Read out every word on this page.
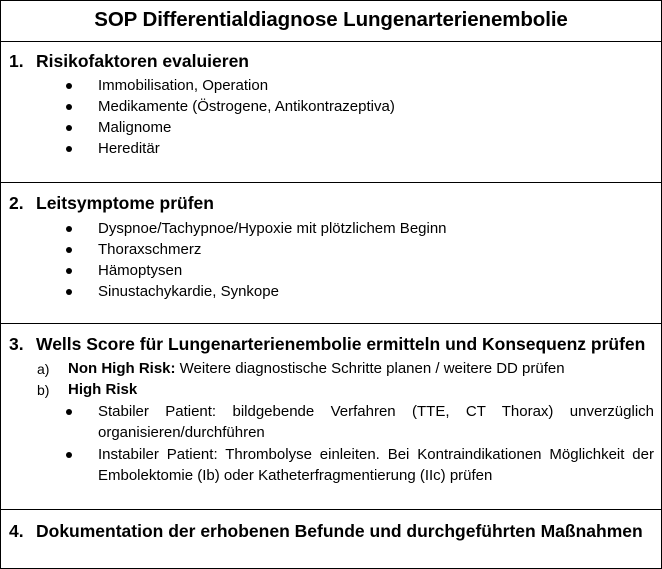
SOP Differentialdiagnose Lungenarterienembolie
1. Risikofaktoren evaluieren
Immobilisation, Operation
Medikamente (Östrogene, Antikontrazeptiva)
Malignome
Hereditär
2. Leitsymptome prüfen
Dyspnoe/Tachypnoe/Hypoxie mit plötzlichem Beginn
Thoraxschmerz
Hämoptysen
Sinustachykardie, Synkope
3. Wells Score für Lungenarterienembolie ermitteln und Konsequenz prüfen
a) Non High Risk: Weitere diagnostische Schritte planen / weitere DD prüfen
b) High Risk
Stabiler Patient: bildgebende Verfahren (TTE, CT Thorax) unverzüglich organisieren/durchführen
Instabiler Patient: Thrombolyse einleiten. Bei Kontraindikationen Möglichkeit der Embolektomie (Ib) oder Katheterfragmentierung (IIc) prüfen
4. Dokumentation der erhobenen Befunde und durchgeführten Maßnahmen
